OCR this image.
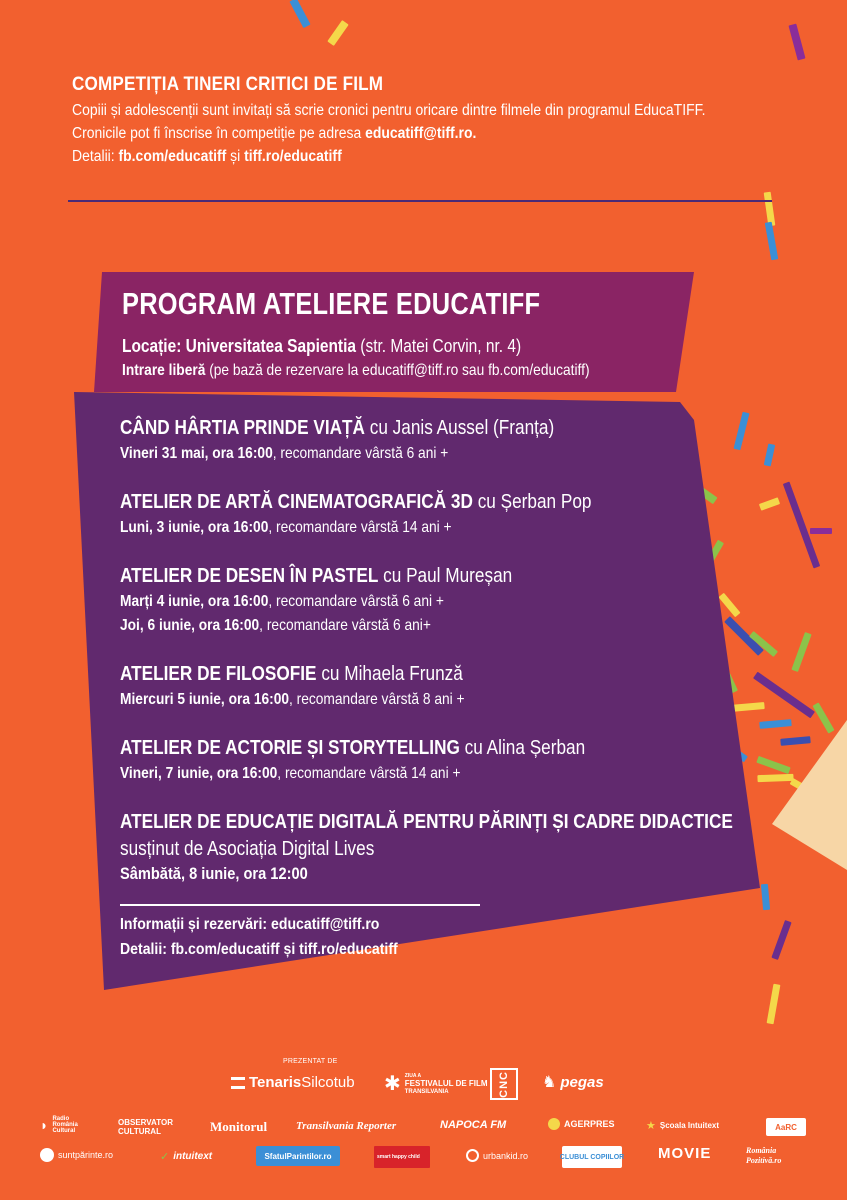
COMPETIȚIA TINERI CRITICI DE FILM
Copiii și adolescenții sunt invitați să scrie cronici pentru oricare dintre filmele din programul EducaTIFF.
Cronicile pot fi înscrise în competiție pe adresa educatiff@tiff.ro.
Detalii: fb.com/educatiff și tiff.ro/educatiff
PROGRAM ATELIERE EDUCATIFF
Locație: Universitatea Sapientia (str. Matei Corvin, nr. 4)
Intrare liberă (pe bază de rezervare la educatiff@tiff.ro sau fb.com/educatiff)
CÂND HÂRTIA PRINDE VIAȚĂ cu Janis Aussel (Franța)
Vineri 31 mai, ora 16:00, recomandare vârstă 6 ani +
ATELIER DE ARTĂ CINEMATOGRAFICĂ 3D cu Șerban Pop
Luni, 3 iunie, ora 16:00, recomandare vârstă 14 ani +
ATELIER DE DESEN ÎN PASTEL cu Paul Mureșan
Marți 4 iunie, ora 16:00, recomandare vârstă 6 ani +
Joi, 6 iunie, ora 16:00, recomandare vârstă 6 ani+
ATELIER DE FILOSOFIE cu Mihaela Frunză
Miercuri 5 iunie, ora 16:00, recomandare vârstă 8 ani +
ATELIER DE ACTORIE ȘI STORYTELLING cu Alina Șerban
Vineri, 7 iunie, ora 16:00, recomandare vârstă 14 ani +
ATELIER DE EDUCAȚIE DIGITALĂ PENTRU PĂRINȚI ȘI CADRE DIDACTICE
susținut de Asociația Digital Lives
Sâmbătă, 8 iunie, ora 12:00
Informații și rezervări: educatiff@tiff.ro
Detalii: fb.com/educatiff și tiff.ro/educatiff
PREZENTAT DE
Tenaris Silcotub ✱ ZIUA A
FESTIVALUL DE FILM
TRANSILVANIA	CNC ♞ pegas
◗ Radio România Cultural
OBSERVATOR CULTURAL	Monitorul	Transilvania Reporter	NAPOCA FM	AGERPRES	★ Școala Intuitext	AaRC
suntpărinte.ro	✓ intuitext	SfatulParintilor.ro	smart happy child	urbankid.ro	CLUBUL COPIILOR MOVIE	România Pozitivă.ro
